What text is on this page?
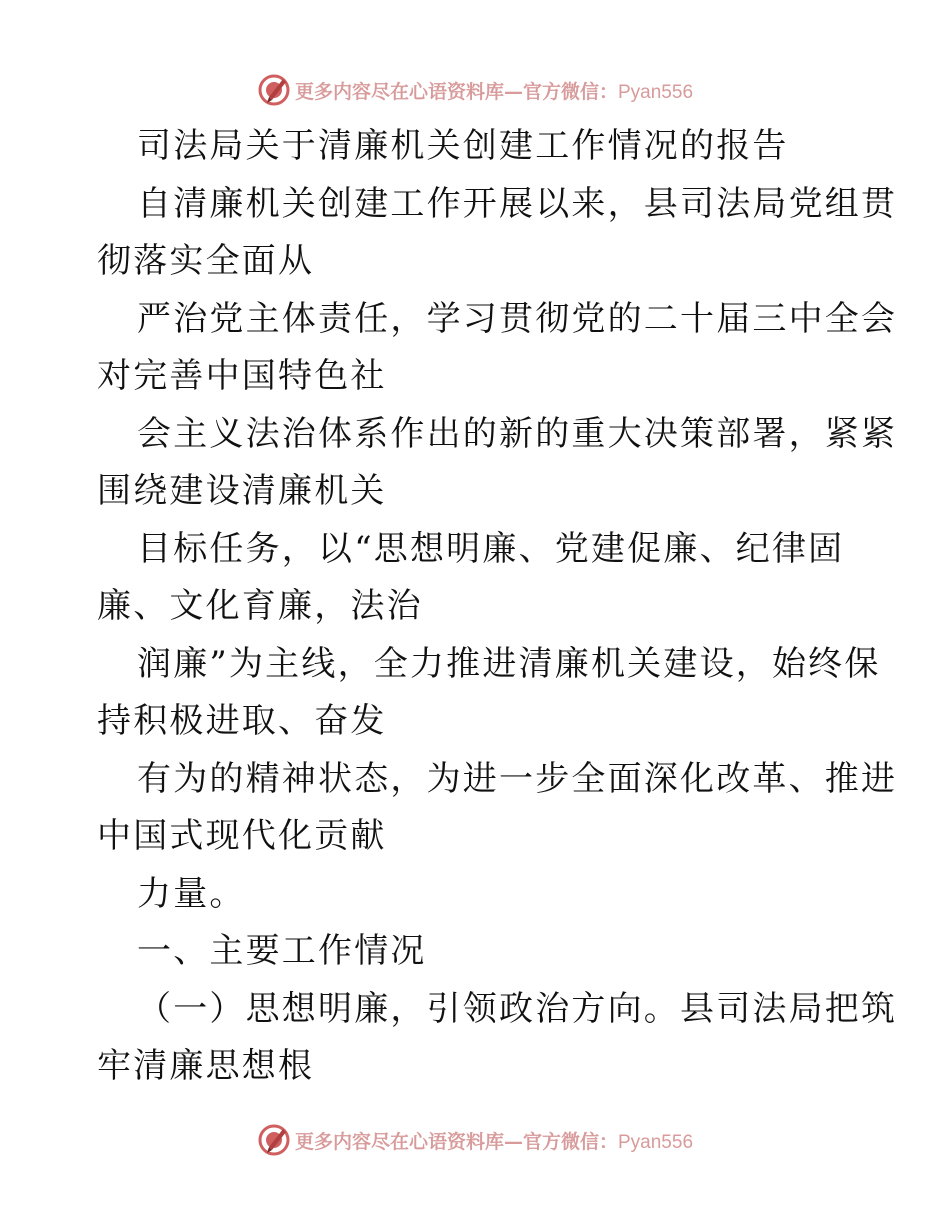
更多内容尽在心语资料库—官方微信：Pyan556
司法局关于清廉机关创建工作情况的报告
自清廉机关创建工作开展以来，县司法局党组贯
彻落实全面从
严治党主体责任，学习贯彻党的二十届三中全会
对完善中国特色社
会主义法治体系作出的新的重大决策部署，紧紧
围绕建设清廉机关
目标任务，以“思想明廉、党建促廉、纪律固
廉、文化育廉，法治
润廉”为主线，全力推进清廉机关建设，始终保
持积极进取、奋发
有为的精神状态，为进一步全面深化改革、推进
中国式现代化贡献
力量。
一、主要工作情况
（一）思想明廉，引领政治方向。县司法局把筑
牢清廉思想根
更多内容尽在心语资料库—官方微信：Pyan556
